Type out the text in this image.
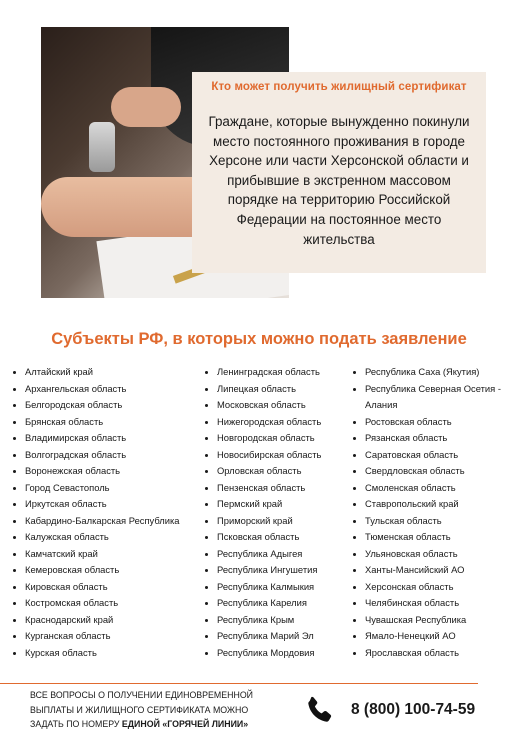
Кто может получить жилищный сертификат
Граждане, которые вынужденно покинули место постоянного проживания в городе Херсоне или части Херсонской области и прибывшие в экстренном массовом порядке на территорию Российской Федерации на постоянное место жительства
Субъекты РФ, в которых можно подать заявление
Алтайский край
Архангельская область
Белгородская область
Брянская область
Владимирская область
Волгоградская область
Воронежская область
Город Севастополь
Иркутская область
Кабардино-Балкарская Республика
Калужская область
Камчатский край
Кемеровская область
Кировская область
Костромская область
Краснодарский край
Курганская область
Курская область
Ленинградская область
Липецкая область
Московская область
Нижегородская область
Новгородская область
Новосибирская область
Орловская область
Пензенская область
Пермский край
Приморский край
Псковская область
Республика Адыгея
Республика Ингушетия
Республика Калмыкия
Республика Карелия
Республика Крым
Республика Марий Эл
Республика Мордовия
Республика Саха (Якутия)
Республика Северная Осетия -
Алания
Ростовская область
Рязанская область
Саратовская область
Свердловская область
Смоленская область
Ставропольский край
Тульская область
Тюменская область
Ульяновская область
Ханты-Мансийский АО
Херсонская область
Челябинская область
Чувашская Республика
Ямало-Ненецкий АО
Ярославская область
ВСЕ ВОПРОСЫ О ПОЛУЧЕНИИ ЕДИНОВРЕМЕННОЙ
ВЫПЛАТЫ И ЖИЛИЩНОГО СЕРТИФИКАТА МОЖНО
ЗАДАТЬ ПО НОМЕРУ ЕДИНОЙ «ГОРЯЧЕЙ ЛИНИИ»
8 (800) 100-74-59
